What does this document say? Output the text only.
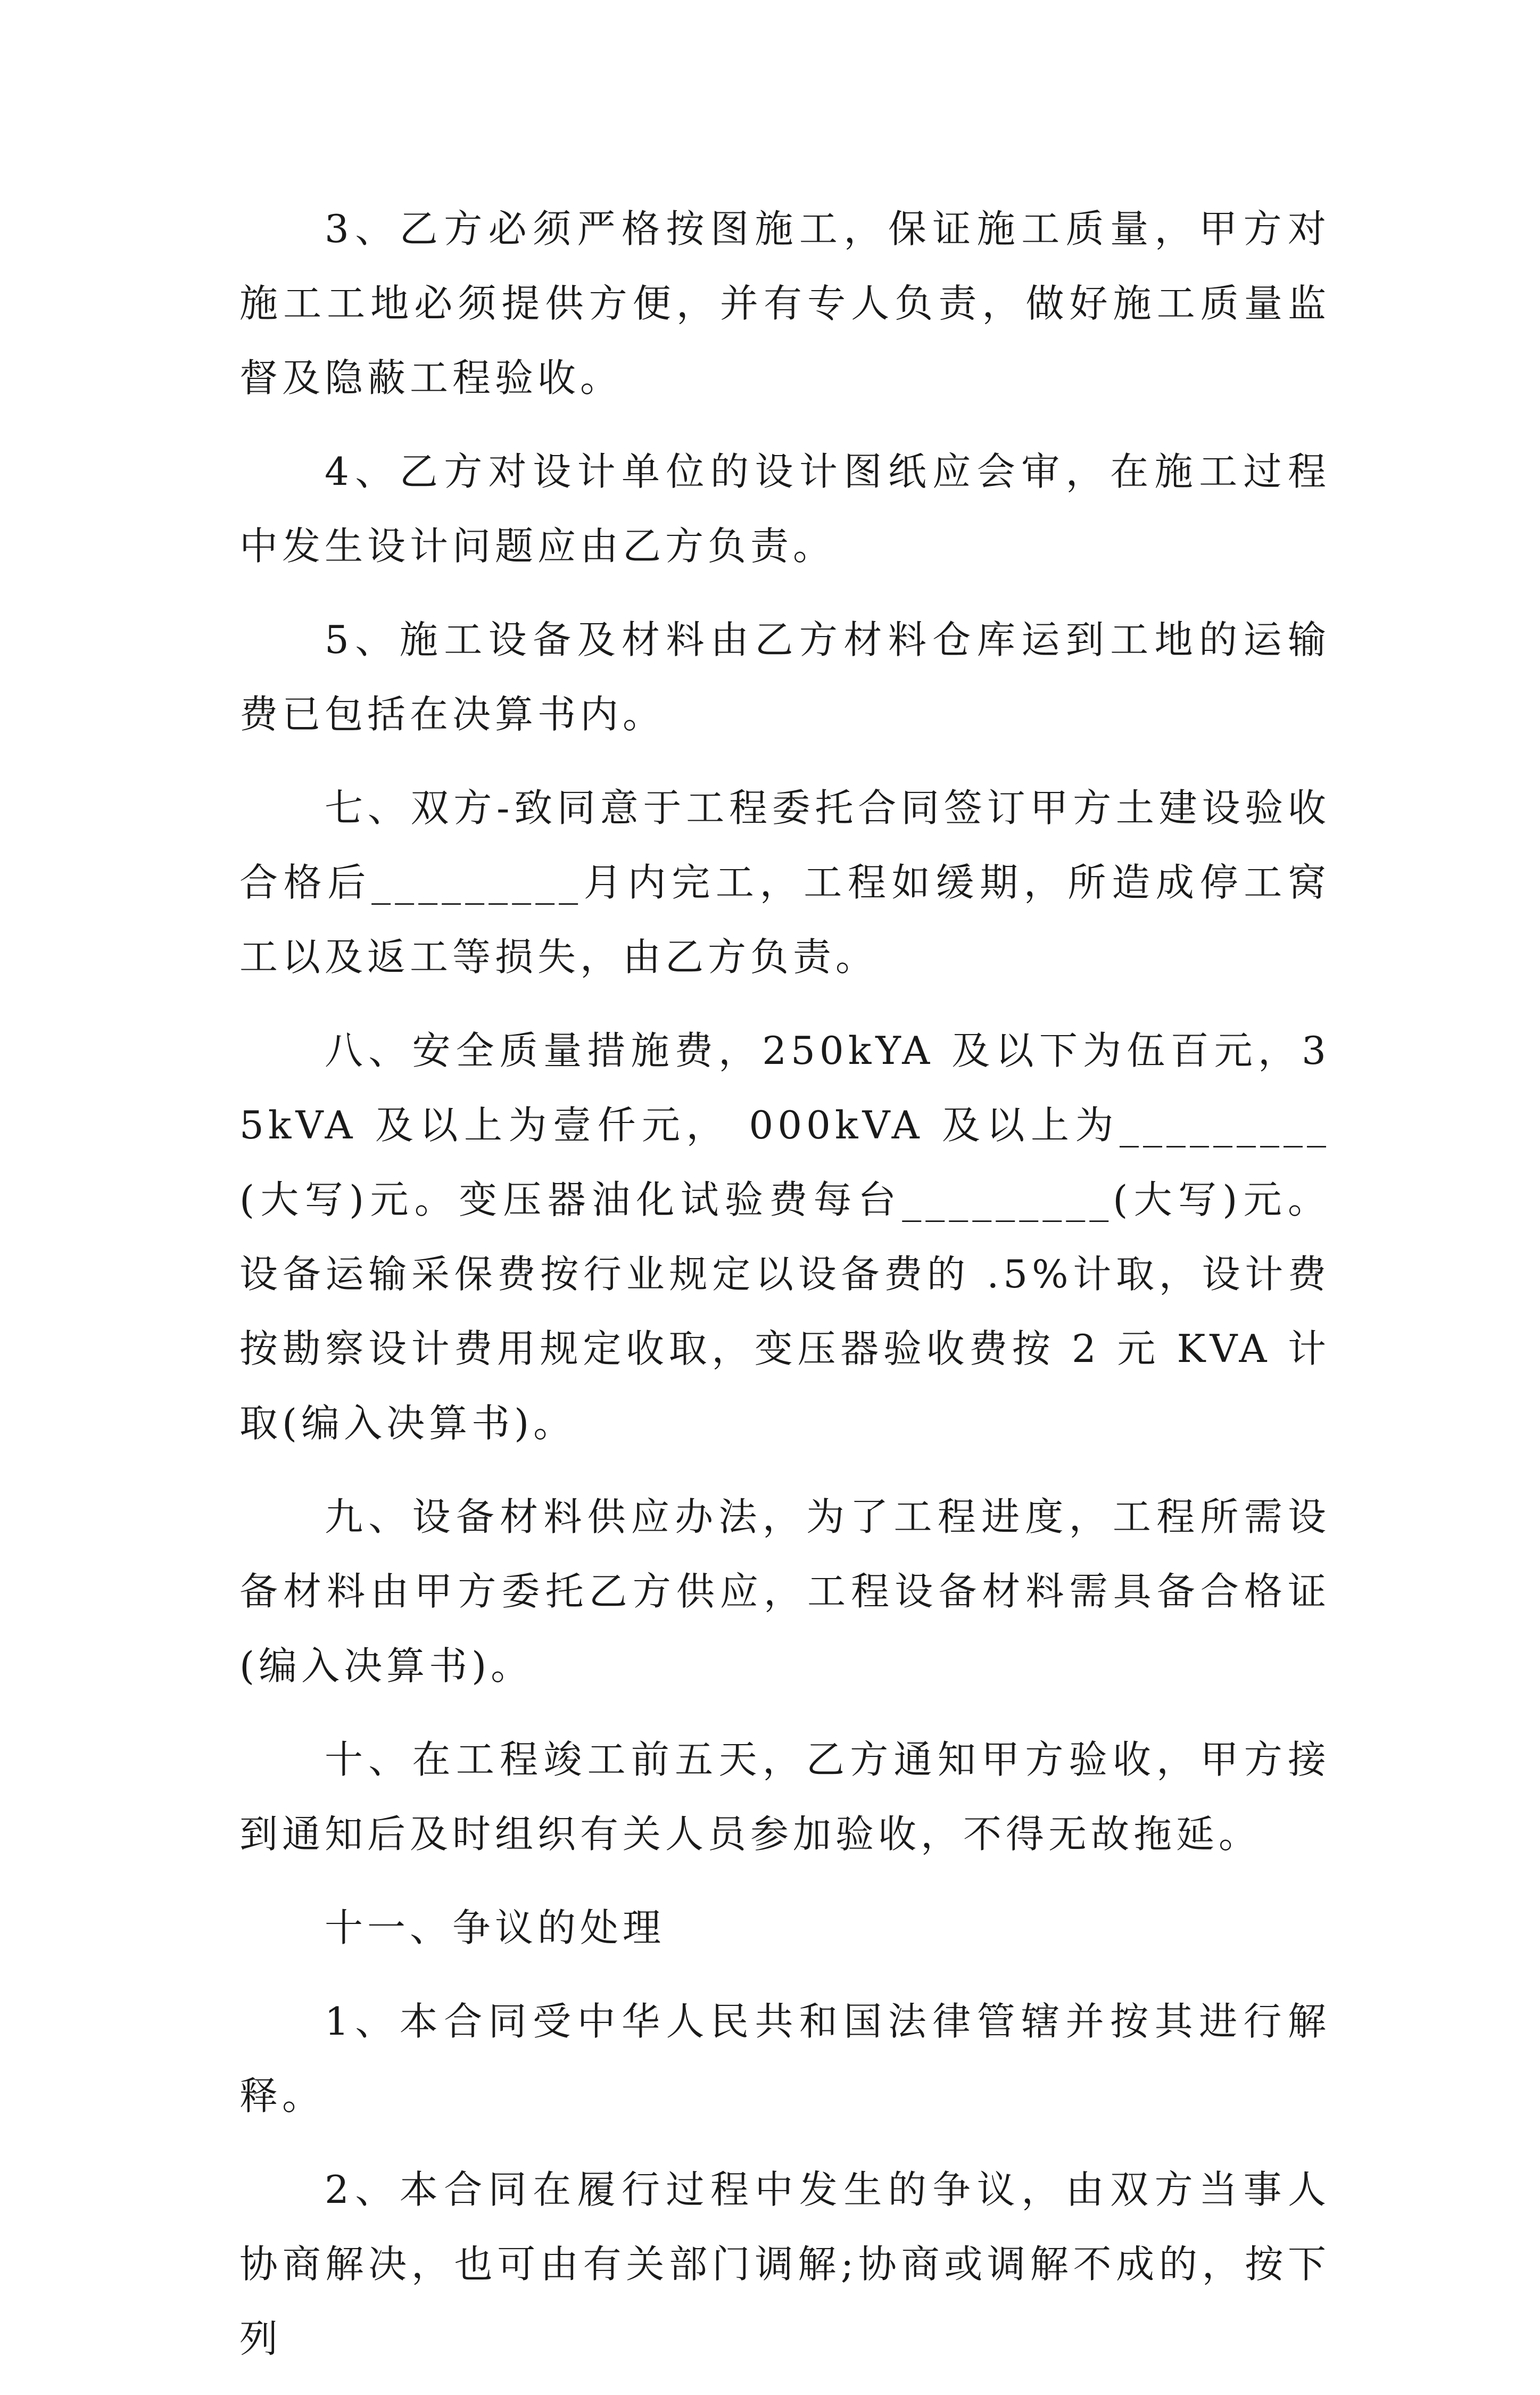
3、乙方必须严格按图施工，保证施工质量，甲方对施工工地必须提供方便，并有专人负责，做好施工质量监督及隐蔽工程验收。

4、乙方对设计单位的设计图纸应会审，在施工过程中发生设计问题应由乙方负责。

5、施工设备及材料由乙方材料仓库运到工地的运输费已包括在决算书内。

七、双方-致同意于工程委托合同签订甲方土建设验收合格后_________月内完工，工程如缓期，所造成停工窝工以及返工等损失，由乙方负责。

八、安全质量措施费，250kYA 及以下为伍百元，3 5kVA 及以上为壹仟元， 000kVA 及以上为_________(大写)元。变压器油化试验费每台_________(大写)元。设备运输采保费按行业规定以设备费的 .5%计取，设计费按勘察设计费用规定收取，变压器验收费按 2 元 KVA 计取(编入决算书)。

九、设备材料供应办法，为了工程进度，工程所需设备材料由甲方委托乙方供应，工程设备材料需具备合格证(编入决算书)。

十、在工程竣工前五天，乙方通知甲方验收，甲方接到通知后及时组织有关人员参加验收，不得无故拖延。

十一、争议的处理

1、本合同受中华人民共和国法律管辖并按其进行解释。

2、本合同在履行过程中发生的争议，由双方当事人协商解决，也可由有关部门调解;协商或调解不成的，按下列
